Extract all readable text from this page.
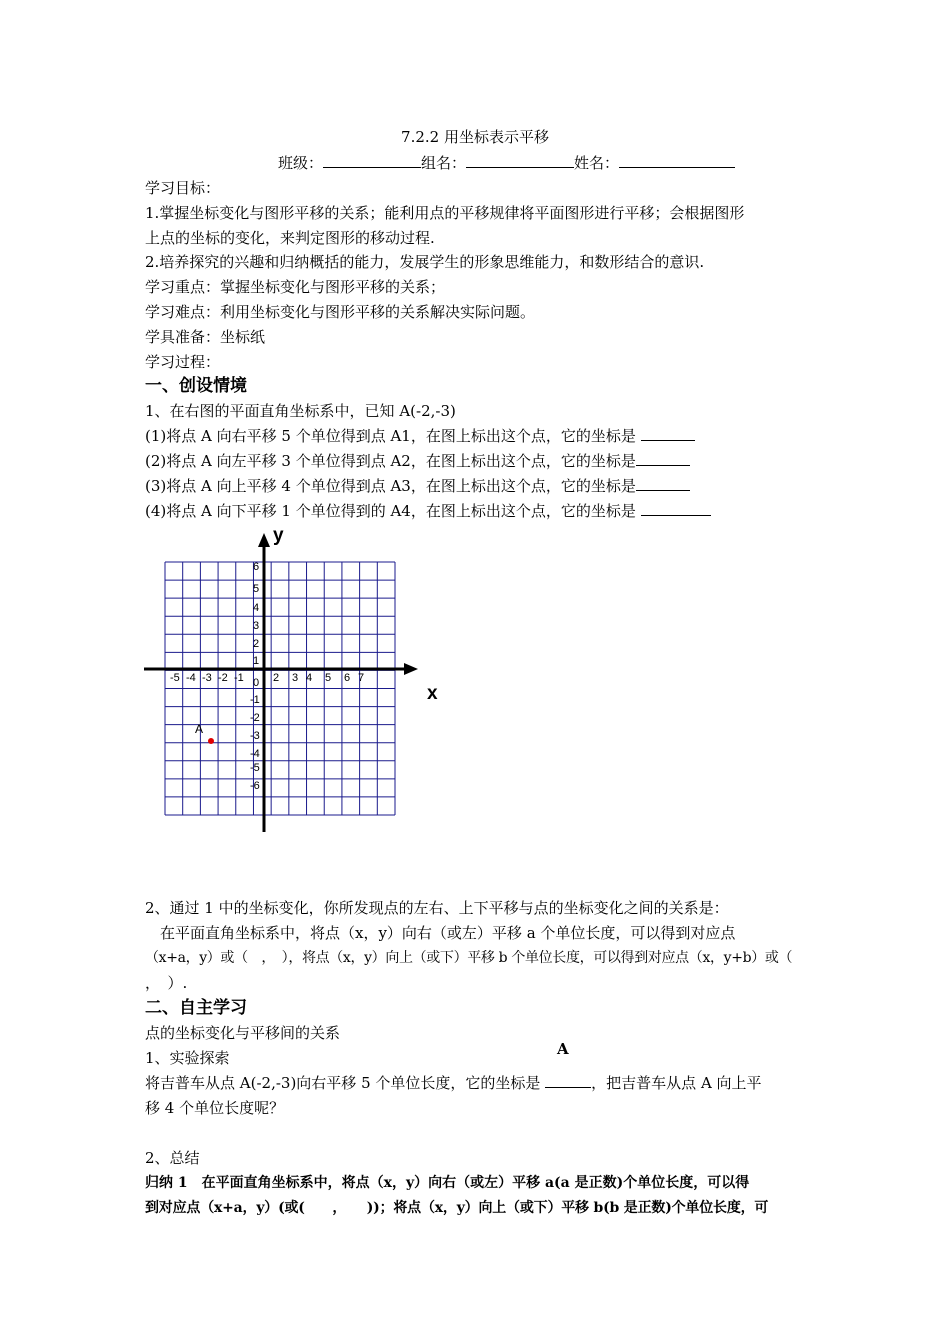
7.2.2 用坐标表示平移
班级：	组名：	姓名：
学习目标：
1.掌握坐标变化与图形平移的关系；能利用点的平移规律将平面图形进行平移；会根据图形
上点的坐标的变化，来判定图形的移动过程.
2.培养探究的兴趣和归纳概括的能力，发展学生的形象思维能力，和数形结合的意识.
学习重点：掌握坐标变化与图形平移的关系；
学习难点：利用坐标变化与图形平移的关系解决实际问题。
学具准备：坐标纸
学习过程：
一、创设情境
1、在右图的平面直角坐标系中，已知 A(-2,-3)
(1)将点 A 向右平移 5 个单位得到点 A1，在图上标出这个点，它的坐标是
(2)将点 A 向左平移 3 个单位得到点 A2，在图上标出这个点，它的坐标是
(3)将点 A 向上平移 4 个单位得到点 A3，在图上标出这个点，它的坐标是
(4)将点 A 向下平移 1 个单位得到的 A4，在图上标出这个点，它的坐标是
y
x
0
-5 -4 -3 -2 -1	2 3 4 5 6 7
6
5
4
3
2
1
-1
-2
-3
-4
-5
-6
A
2、通过 1 中的坐标变化，你所发现点的左右、上下平移与点的坐标变化之间的关系是：
在平面直角坐标系中，将点（x，y）向右（或左）平移 a 个单位长度，可以得到对应点
（x+a，y）或（　，　），将点（x，y）向上（或下）平移 b 个单位长度，可以得到对应点（x，y+b）或（
，　）.
二、自主学习
点的坐标变化与平移间的关系
A
1、实验探索
将吉普车从点 A(-2,-3)向右平移 5 个单位长度，它的坐标是	，把吉普车从点 A 向上平
移 4 个单位长度呢？
2、总结
归纳 1　在平面直角坐标系中，将点（x，y）向右（或左）平移 a(a 是正数)个单位长度，可以得
到对应点（x+a，y）(或(　　，　　))；将点（x，y）向上（或下）平移 b(b 是正数)个单位长度，可
